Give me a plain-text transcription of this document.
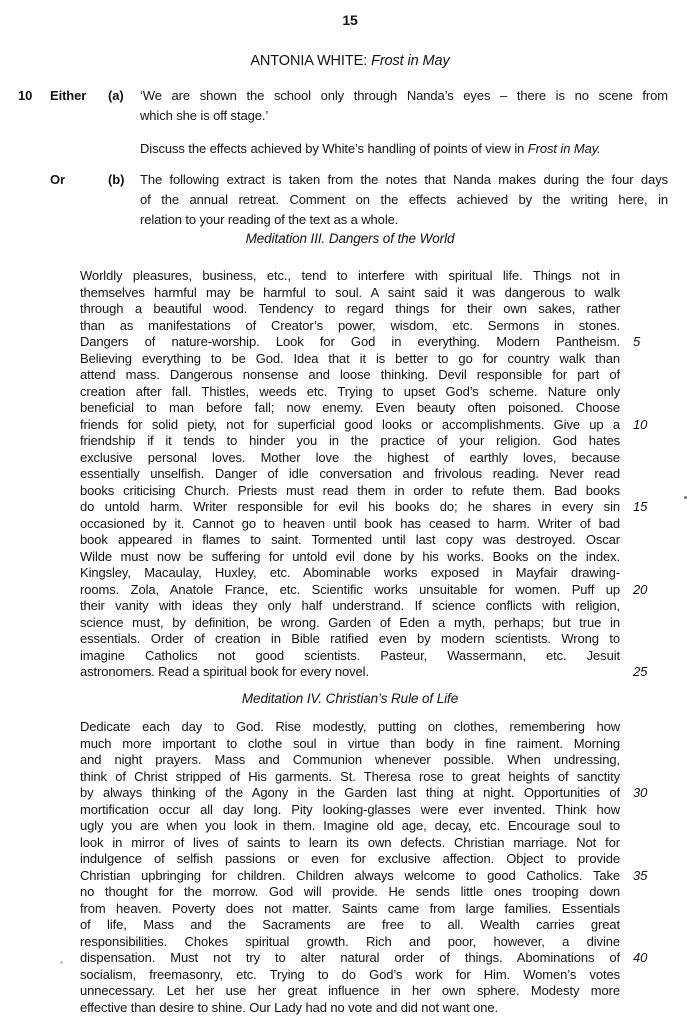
15
ANTONIA WHITE: Frost in May
10	Either	(a)	‘We are shown the school only through Nanda’s eyes – there is no scene from
which she is off stage.’
Discuss the effects achieved by White’s handling of points of view in Frost in May.
Or	(b)	The following extract is taken from the notes that Nanda makes during the four days
of the annual retreat. Comment on the effects achieved by the writing here, in
relation to your reading of the text as a whole.
Meditation III. Dangers of the World
Worldly pleasures, business, etc., tend to interfere with spiritual life. Things not in
themselves harmful may be harmful to soul. A saint said it was dangerous to walk
through a beautiful wood. Tendency to regard things for their own sakes, rather
than as manifestations of Creator’s power, wisdom, etc. Sermons in stones.
Dangers of nature-worship. Look for God in everything. Modern Pantheism. 5
Believing everything to be God. Idea that it is better to go for country walk than
attend mass. Dangerous nonsense and loose thinking. Devil responsible for part of
creation after fall. Thistles, weeds etc. Trying to upset God’s scheme. Nature only
beneficial to man before fall; now enemy. Even beauty often poisoned. Choose
friends for solid piety, not for superficial good looks or accomplishments. Give up a 10
friendship if it tends to hinder you in the practice of your religion. God hates
exclusive personal loves. Mother love the highest of earthly loves, because
essentially unselfish. Danger of idle conversation and frivolous reading. Never read
books criticising Church. Priests must read them in order to refute them. Bad books
do untold harm. Writer responsible for evil his books do; he shares in every sin 15
occasioned by it. Cannot go to heaven until book has ceased to harm. Writer of bad
book appeared in flames to saint. Tormented until last copy was destroyed. Oscar
Wilde must now be suffering for untold evil done by his works. Books on the index.
Kingsley, Macaulay, Huxley, etc. Abominable works exposed in Mayfair drawing-
rooms. Zola, Anatole France, etc. Scientific works unsuitable for women. Puff up 20
their vanity with ideas they only half understrand. If science conflicts with religion,
science must, by definition, be wrong. Garden of Eden a myth, perhaps; but true in
essentials. Order of creation in Bible ratified even by modern scientists. Wrong to
imagine Catholics not good scientists. Pasteur, Wassermann, etc. Jesuit
astronomers. Read a spiritual book for every novel.	25
Meditation IV. Christian’s Rule of Life
Dedicate each day to God. Rise modestly, putting on clothes, remembering how
much more important to clothe soul in virtue than body in fine raiment. Morning
and night prayers. Mass and Communion whenever possible. When undressing,
think of Christ stripped of His garments. St. Theresa rose to great heights of sanctity
by always thinking of the Agony in the Garden last thing at night. Opportunities of 30
mortification occur all day long. Pity looking-glasses were ever invented. Think how
ugly you are when you look in them. Imagine old age, decay, etc. Encourage soul to
look in mirror of lives of saints to learn its own defects. Christian marriage. Not for
indulgence of selfish passions or even for exclusive affection. Object to provide
Christian upbringing for children. Children always welcome to good Catholics. Take 35
no thought for the morrow. God will provide. He sends little ones trooping down
from heaven. Poverty does not matter. Saints came from large families. Essentials
of life, Mass and the Sacraments are free to all. Wealth carries great
responsibilities. Chokes spiritual growth. Rich and poor, however, a divine
dispensation. Must not try to alter natural order of things. Abominations of 40
socialism, freemasonry, etc. Trying to do God’s work for Him. Women’s votes
unnecessary. Let her use her great influence in her own sphere. Modesty more
effective than desire to shine. Our Lady had no vote and did not want one.
